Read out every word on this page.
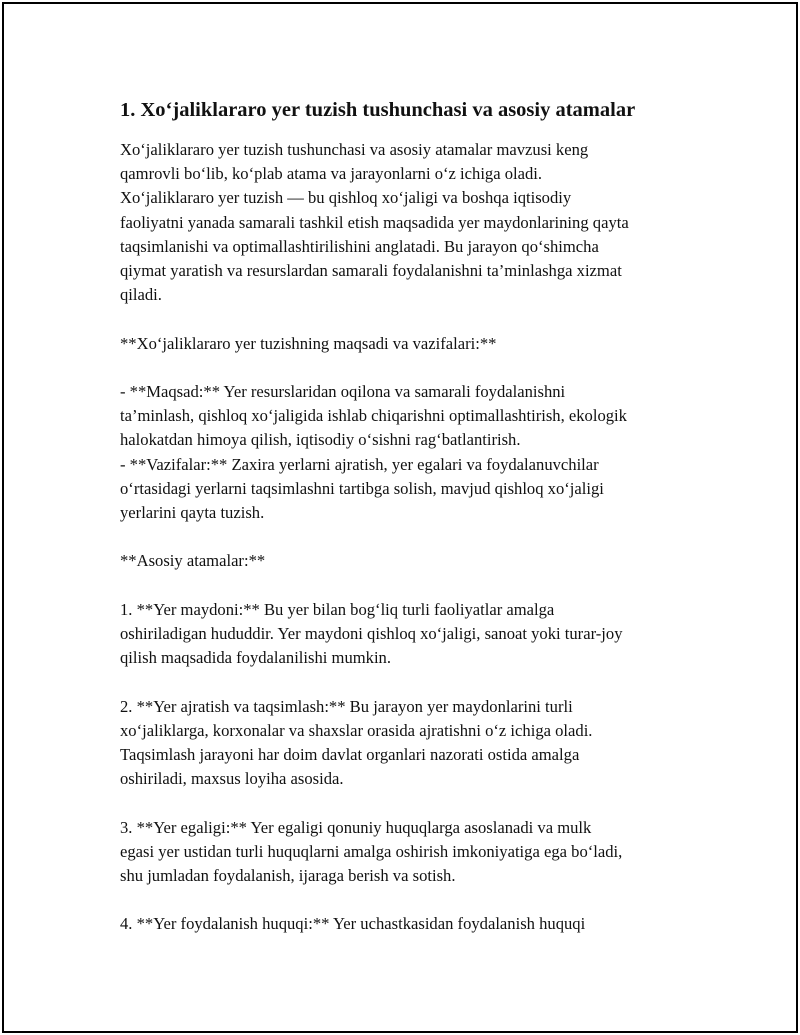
1. Xo‘jaliklararo yer tuzish tushunchasi va asosiy atamalar

Xo‘jaliklararo yer tuzish tushunchasi va asosiy atamalar mavzusi keng
qamrovli bo‘lib, ko‘plab atama va jarayonlarni o‘z ichiga oladi.
Xo‘jaliklararo yer tuzish — bu qishloq xo‘jaligi va boshqa iqtisodiy
faoliyatni yanada samarali tashkil etish maqsadida yer maydonlarining qayta
taqsimlanishi va optimallashtirilishini anglatadi. Bu jarayon qo‘shimcha
qiymat yaratish va resurslardan samarali foydalanishni ta’minlashga xizmat
qiladi.

**Xo‘jaliklararo yer tuzishning maqsadi va vazifalari:**

- **Maqsad:** Yer resurslaridan oqilona va samarali foydalanishni
ta’minlash, qishloq xo‘jaligida ishlab chiqarishni optimallashtirish, ekologik
halokatdan himoya qilish, iqtisodiy o‘sishni rag‘batlantirish.
- **Vazifalar:** Zaxira yerlarni ajratish, yer egalari va foydalanuvchilar
o‘rtasidagi yerlarni taqsimlashni tartibga solish, mavjud qishloq xo‘jaligi
yerlarini qayta tuzish.

**Asosiy atamalar:**

1. **Yer maydoni:** Bu yer bilan bog‘liq turli faoliyatlar amalga
oshiriladigan hududdir. Yer maydoni qishloq xo‘jaligi, sanoat yoki turar-joy
qilish maqsadida foydalanilishi mumkin.

2. **Yer ajratish va taqsimlash:** Bu jarayon yer maydonlarini turli
xo‘jaliklarga, korxonalar va shaxslar orasida ajratishni o‘z ichiga oladi.
Taqsimlash jarayoni har doim davlat organlari nazorati ostida amalga
oshiriladi, maxsus loyiha asosida.

3. **Yer egaligi:** Yer egaligi qonuniy huquqlarga asoslanadi va mulk
egasi yer ustidan turli huquqlarni amalga oshirish imkoniyatiga ega bo‘ladi,
shu jumladan foydalanish, ijaraga berish va sotish.

4. **Yer foydalanish huquqi:** Yer uchastkasidan foydalanish huquqi
